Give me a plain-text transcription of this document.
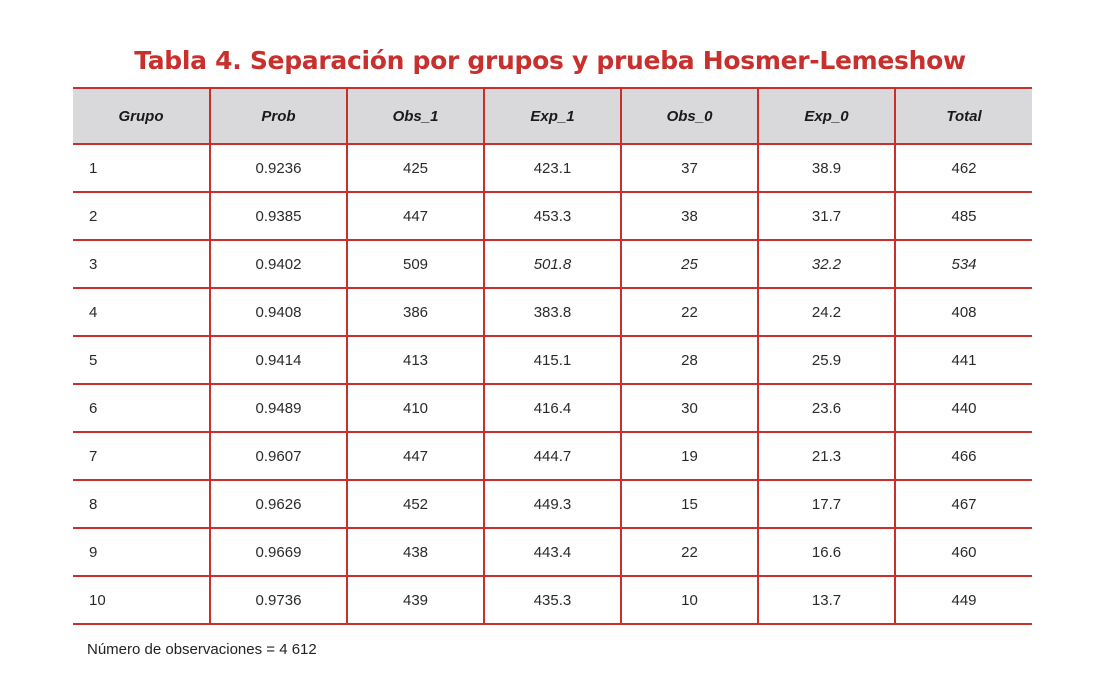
Tabla 4. Separación por grupos y prueba Hosmer-Lemeshow
Grupo	Prob	Obs_1	Exp_1	Obs_0	Exp_0	Total
1	0.9236	425	423.1	37	38.9	462
2	0.9385	447	453.3	38	31.7	485
3	0.9402	509	501.8	25	32.2	534
4	0.9408	386	383.8	22	24.2	408
5	0.9414	413	415.1	28	25.9	441
6	0.9489	410	416.4	30	23.6	440
7	0.9607	447	444.7	19	21.3	466
8	0.9626	452	449.3	15	17.7	467
9	0.9669	438	443.4	22	16.6	460
10	0.9736	439	435.3	10	13.7	449
Número de observaciones = 4 612
